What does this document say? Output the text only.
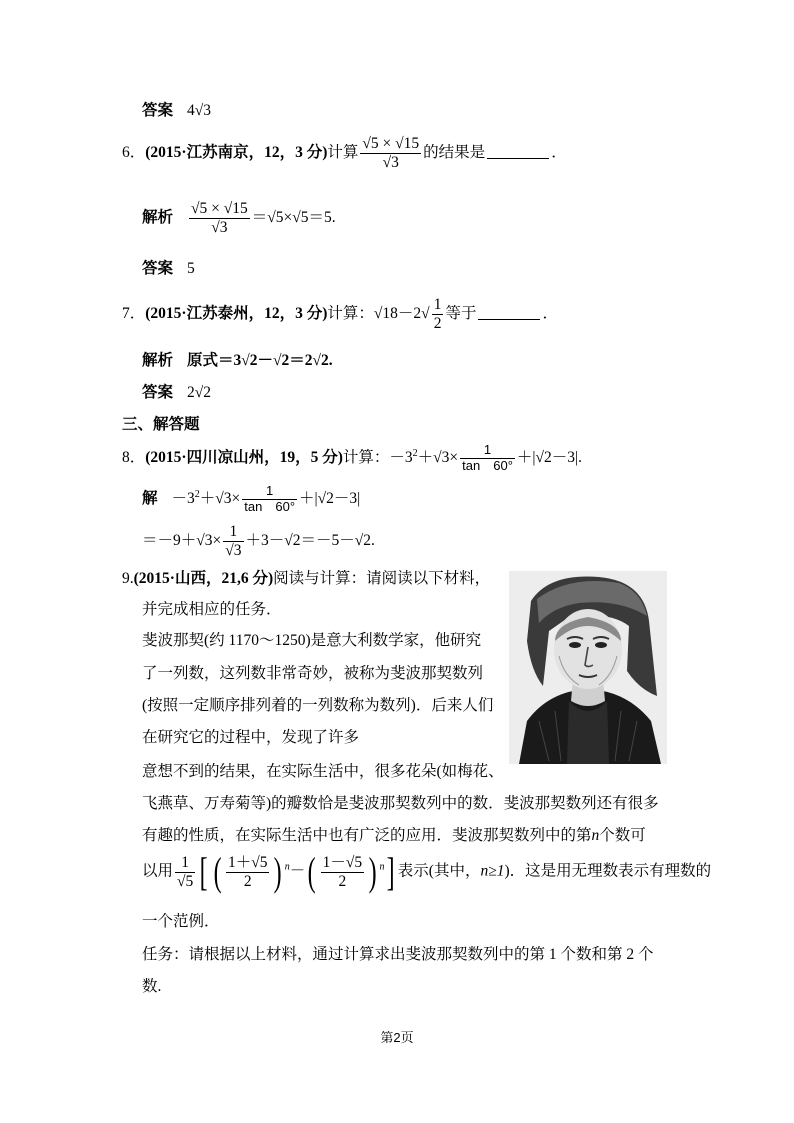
答案 4√3
6．(2015·江苏南京，12，3 分)计算 $\frac{√5 \times √15}{√3}$ 的结果是	．
解析 $\frac{√5 \times √15}{√3} =√5\times√5=5$.
答案 5
7．(2015·江苏泰州，12，3 分)计算：$√18-2√ \frac{1}{2}$ 等于	．
解析 原式＝3√2－√2＝2√2.
答案 2√2
三、解答题
8．(2015·四川凉山州，19，5 分)计算：$-3^2+√3\times \frac{1}{\tan 60^\circ} +|√2-3|$.
解 $-3^2+√3\times \frac{1}{\tan 60^\circ} +|√2-3|$
$=-9+√3\times \frac{1}{√3} +3-√2=-5-√2$.
9.(2015·山西，21,6 分)阅读与计算：请阅读以下材料，
并完成相应的任务．
斐波那契(约 1170～1250)是意大利数学家，他研究
了一列数，这列数非常奇妙，被称为斐波那契数列
(按照一定顺序排列着的一列数称为数列)．后来人们
在研究它的过程中，发现了许多
意想不到的结果，在实际生活中，很多花朵(如梅花、
飞燕草、万寿菊等)的瓣数恰是斐波那契数列中的数．斐波那契数列还有很多
有趣的性质，在实际生活中也有广泛的应用．斐波那契数列中的第n个数可
以用 $\frac{1}{√5}$ [ ( $\frac{1+√5}{2}$ ) $^n-( \frac{1-√5}{2}$ ) $^n$] 表示(其中，n≥1)．这是用无理数表示有理数的
一个范例．
任务：请根据以上材料，通过计算求出斐波那契数列中的第 1 个数和第 2 个
数.
第2页
